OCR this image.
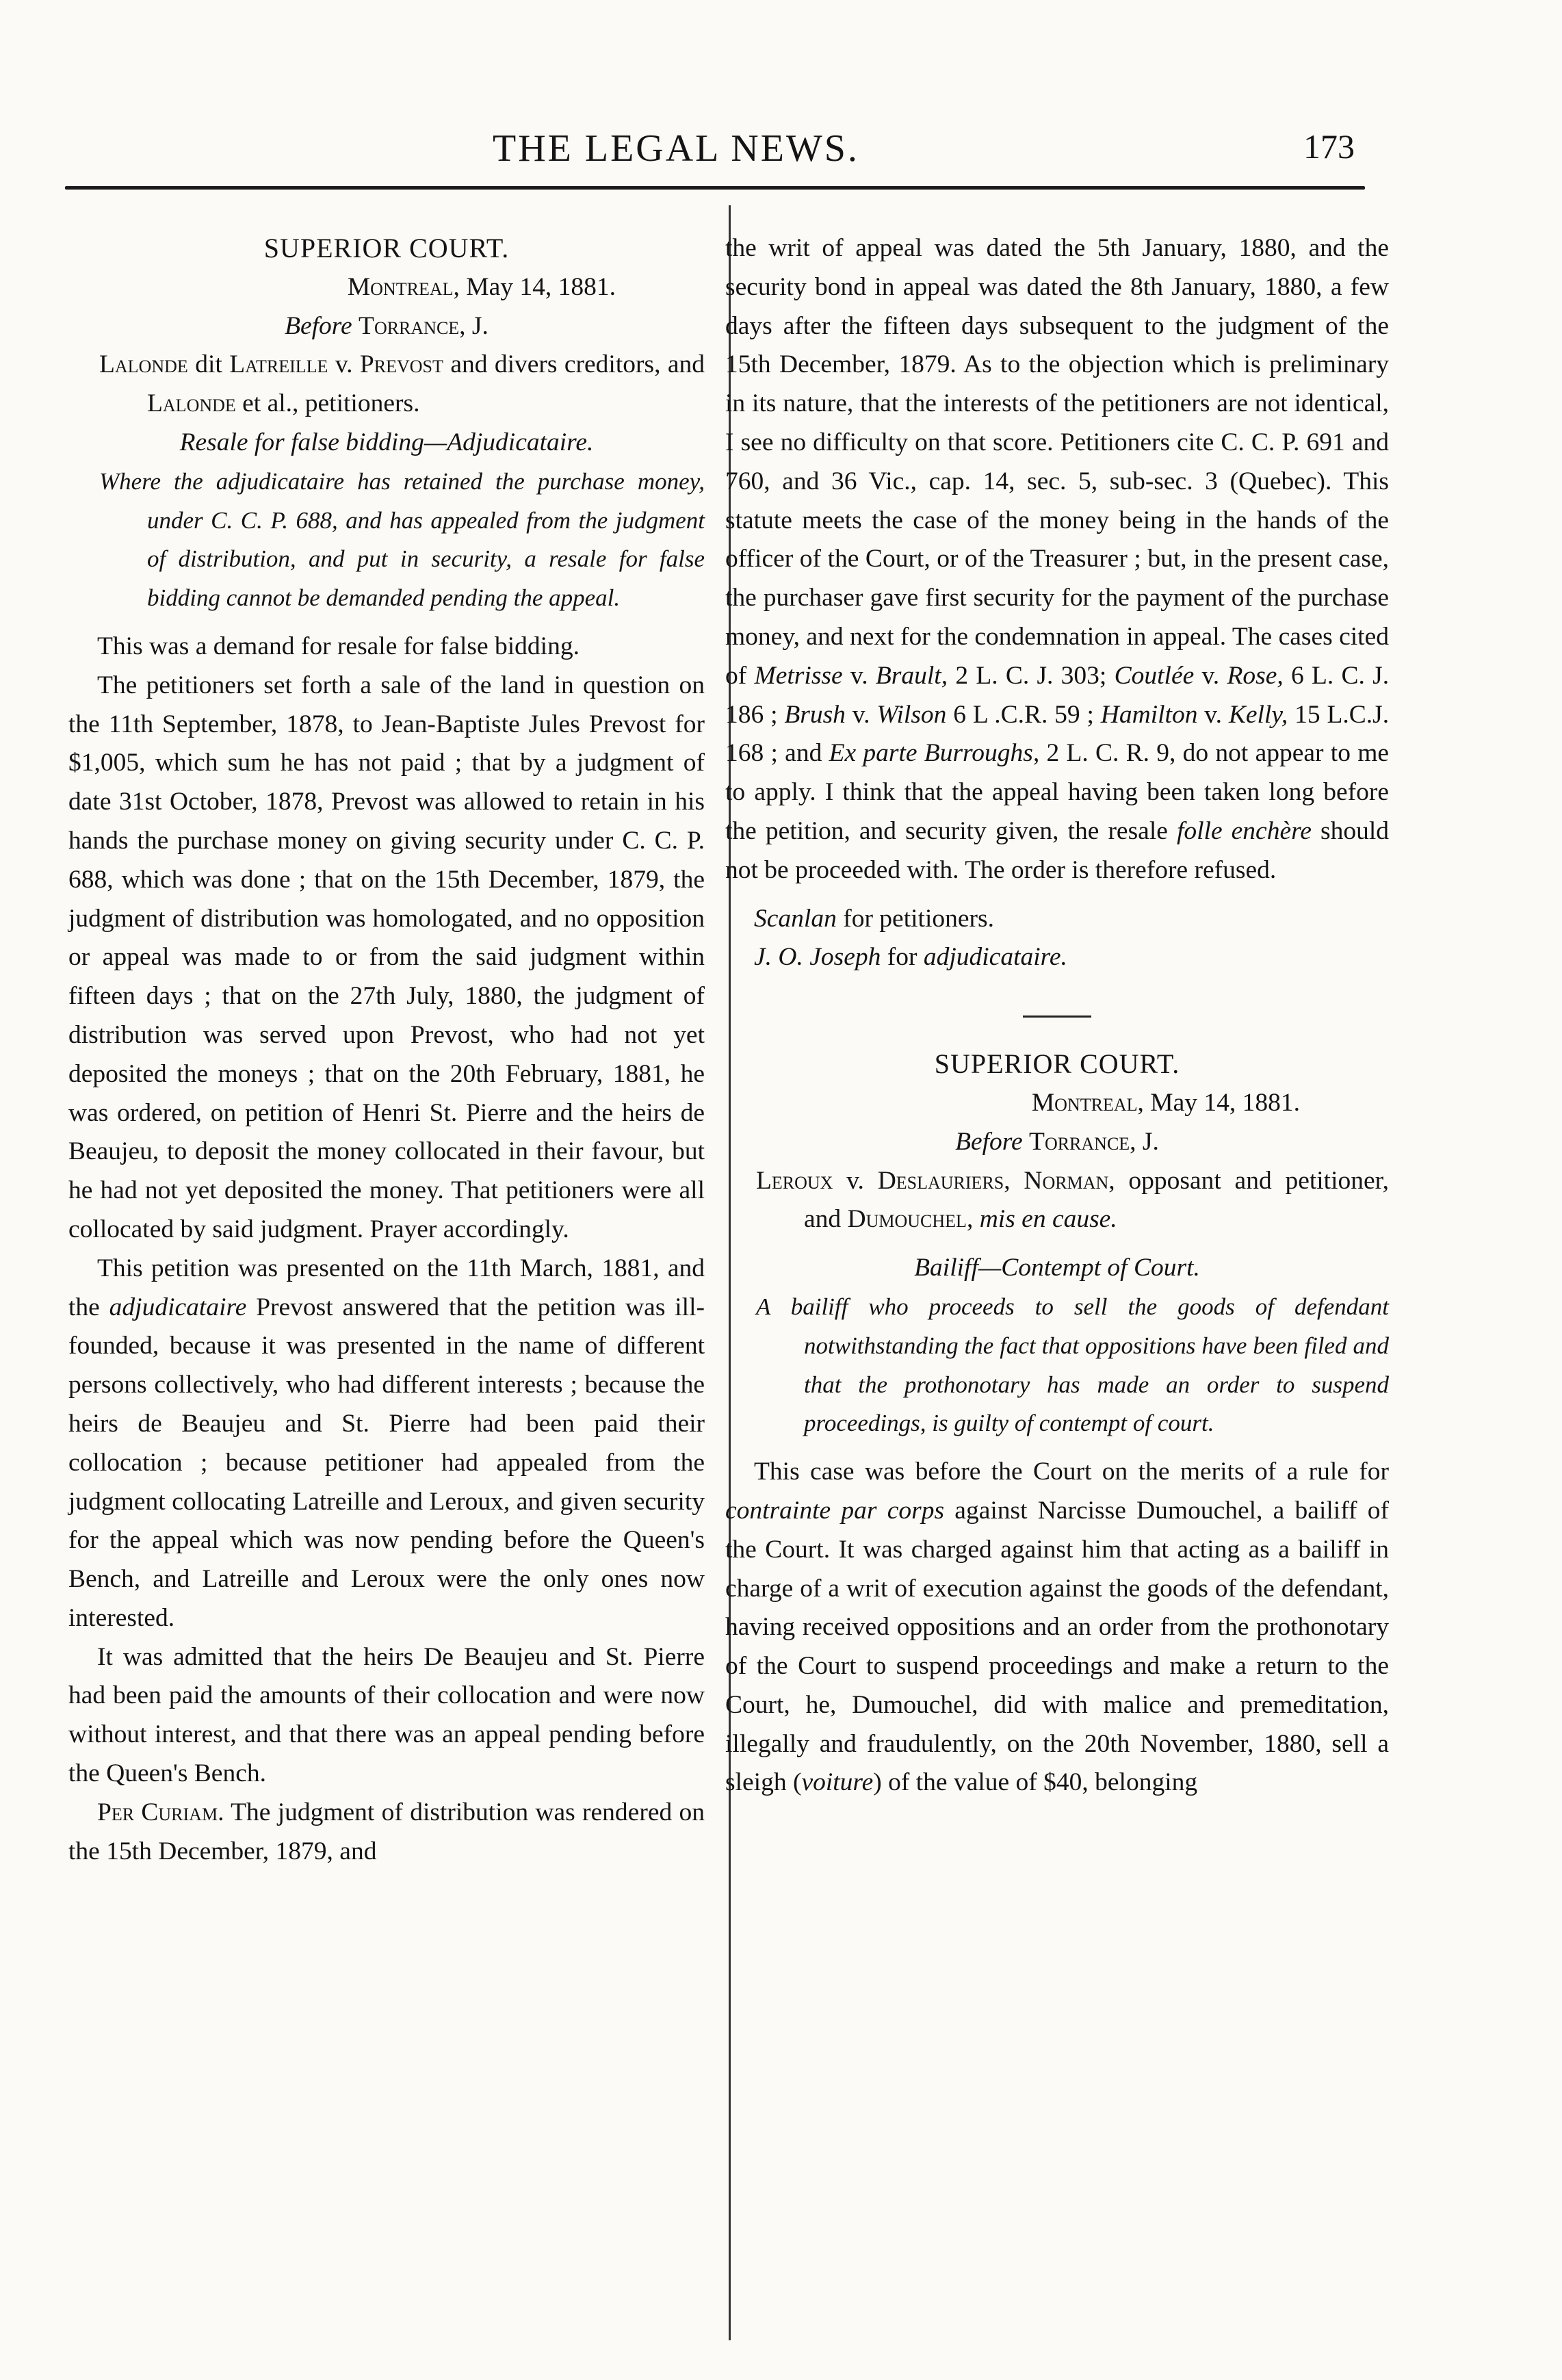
THE LEGAL NEWS.	173

SUPERIOR COURT.

Montreal, May 14, 1881.

Before Torrance, J.

Lalonde dit Latreille v. Prevost and divers creditors, and Lalonde et al., petitioners.

Resale for false bidding—Adjudicataire.

Where the adjudicataire has retained the purchase money, under C. C. P. 688, and has appealed from the judgment of distribution, and put in security, a resale for false bidding cannot be demanded pending the appeal.

This was a demand for resale for false bidding.

The petitioners set forth a sale of the land in question on the 11th September, 1878, to Jean-Baptiste Jules Prevost for $1,005, which sum he has not paid ; that by a judgment of date 31st October, 1878, Prevost was allowed to retain in his hands the purchase money on giving security under C. C. P. 688, which was done ; that on the 15th December, 1879, the judgment of distribution was homologated, and no opposition or appeal was made to or from the said judgment within fifteen days ; that on the 27th July, 1880, the judgment of distribution was served upon Prevost, who had not yet deposited the moneys ; that on the 20th February, 1881, he was ordered, on petition of Henri St. Pierre and the heirs de Beaujeu, to deposit the money collocated in their favour, but he had not yet deposited the money. That petitioners were all collocated by said judgment. Prayer accordingly.

This petition was presented on the 11th March, 1881, and the adjudicataire Prevost answered that the petition was ill-founded, because it was presented in the name of different persons collectively, who had different interests ; because the heirs de Beaujeu and St. Pierre had been paid their collocation ; because petitioner had appealed from the judgment collocating Latreille and Leroux, and given security for the appeal which was now pending before the Queen's Bench, and Latreille and Leroux were the only ones now interested.

It was admitted that the heirs De Beaujeu and St. Pierre had been paid the amounts of their collocation and were now without interest, and that there was an appeal pending before the Queen's Bench.

Per Curiam. The judgment of distribution was rendered on the 15th December, 1879, and

the writ of appeal was dated the 5th January, 1880, and the security bond in appeal was dated the 8th January, 1880, a few days after the fifteen days subsequent to the judgment of the 15th December, 1879. As to the objection which is preliminary in its nature, that the interests of the petitioners are not identical, I see no difficulty on that score. Petitioners cite C. C. P. 691 and 760, and 36 Vic., cap. 14, sec. 5, sub-sec. 3 (Quebec). This statute meets the case of the money being in the hands of the officer of the Court, or of the Treasurer ; but, in the present case, the purchaser gave first security for the payment of the purchase money, and next for the condemnation in appeal. The cases cited of Metrisse v. Brault, 2 L. C. J. 303; Coutlée v. Rose, 6 L. C. J. 186 ; Brush v. Wilson 6 L .C.R. 59 ; Hamilton v. Kelly, 15 L.C.J. 168 ; and Ex parte Burroughs, 2 L. C. R. 9, do not appear to me to apply. I think that the appeal having been taken long before the petition, and security given, the resale folle enchère should not be proceeded with. The order is therefore refused.

Scanlan for petitioners.

J. O. Joseph for adjudicataire.

SUPERIOR COURT.

Montreal, May 14, 1881.

Before Torrance, J.

Leroux v. Deslauriers, Norman, opposant and petitioner, and Dumouchel, mis en cause.

Bailiff—Contempt of Court.

A bailiff who proceeds to sell the goods of defendant notwithstanding the fact that oppositions have been filed and that the prothonotary has made an order to suspend proceedings, is guilty of contempt of court.

This case was before the Court on the merits of a rule for contrainte par corps against Narcisse Dumouchel, a bailiff of the Court. It was charged against him that acting as a bailiff in charge of a writ of execution against the goods of the defendant, having received oppositions and an order from the prothonotary of the Court to suspend proceedings and make a return to the Court, he, Dumouchel, did with malice and premeditation, illegally and fraudulently, on the 20th November, 1880, sell a sleigh (voiture) of the value of $40, belonging
